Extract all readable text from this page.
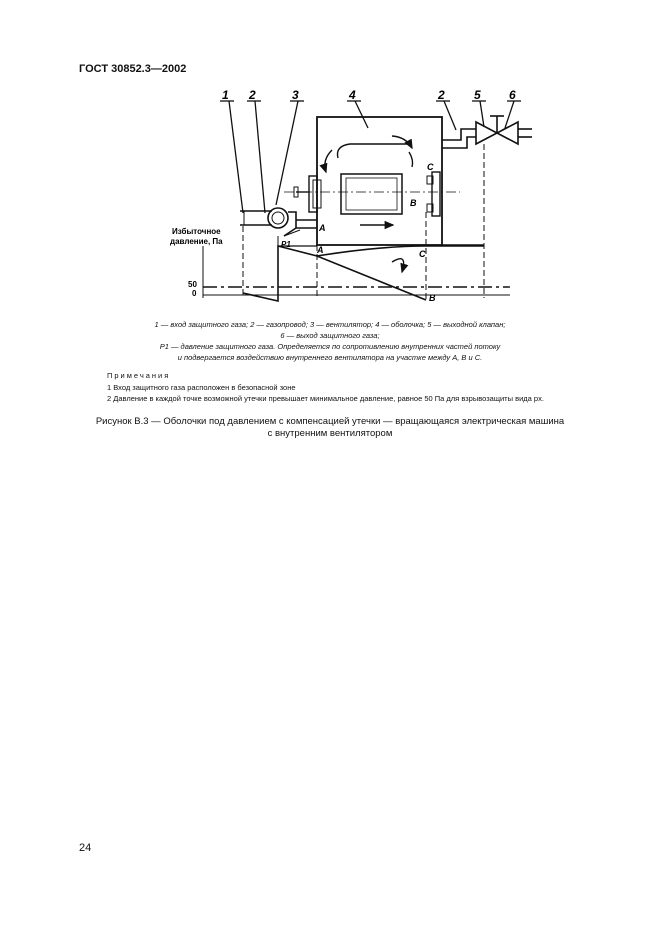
ГОСТ 30852.3—2002
1 2	3	4	2 5 6
Избыточное
давление, Па
50
0
A
A
B
B
C
C
P1
1 — вход защитного газа; 2 — газопровод; 3 — вентилятор; 4 — оболочка; 5 — выходной клапан;
6 — выход защитного газа;
P1 — давление защитного газа. Определяется по сопротивлению внутренних частей потоку
и подвергается воздействию внутреннего вентилятора на участке между A, B и C.
Примечания
1 Вход защитного газа расположен в безопасной зоне
2 Давление в каждой точке возможной утечки превышает минимальное давление, равное 50 Па для взрывозащиты вида px.
Рисунок В.3 — Оболочки под давлением с компенсацией утечки — вращающаяся электрическая машина
с внутренним вентилятором
24
